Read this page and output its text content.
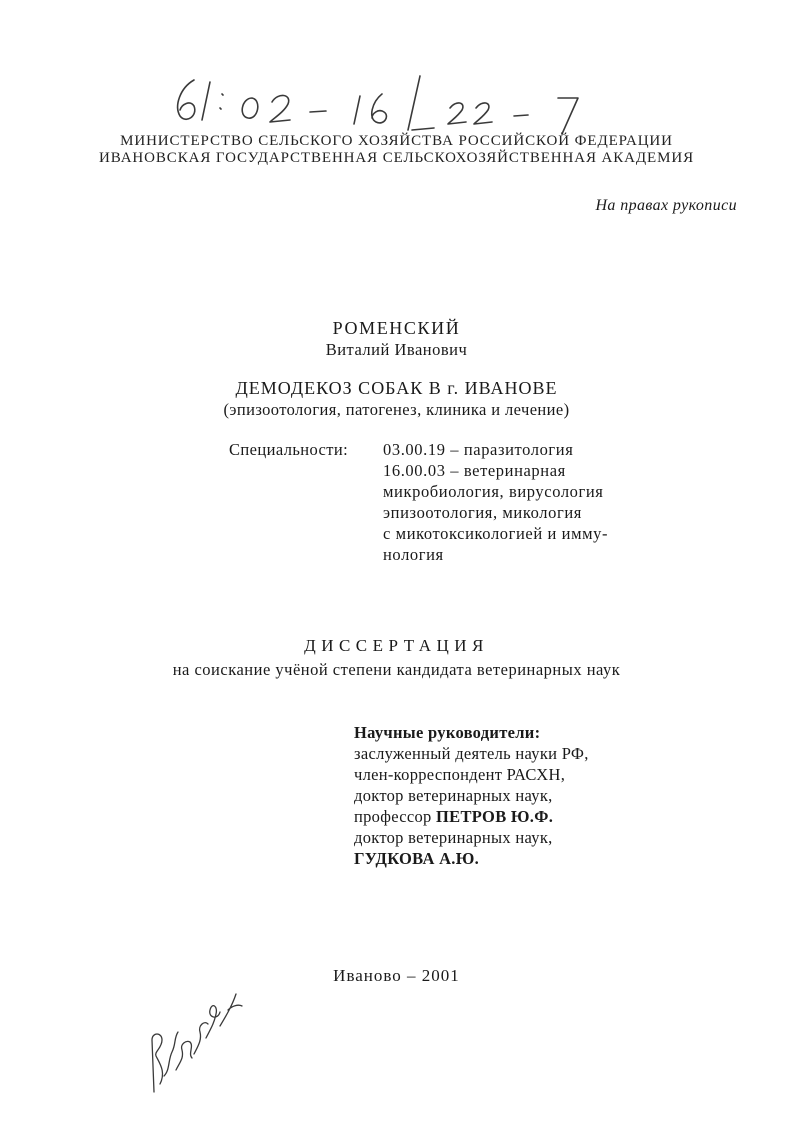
МИНИСТЕРСТВО СЕЛЬСКОГО ХОЗЯЙСТВА РОССИЙСКОЙ ФЕДЕРАЦИИ
ИВАНОВСКАЯ ГОСУДАРСТВЕННАЯ СЕЛЬСКОХОЗЯЙСТВЕННАЯ АКАДЕМИЯ
На правах рукописи
РОМЕНСКИЙ
Виталий Иванович
ДЕМОДЕКОЗ СОБАК В г. ИВАНОВЕ
(эпизоотология, патогенез, клиника и лечение)
Специальности: 03.00.19 – паразитология
16.00.03 – ветеринарная
микробиология, вирусология
эпизоотология, микология
с микотоксикологией и имму-
нология
ДИССЕРТАЦИЯ
на соискание учёной степени кандидата ветеринарных наук
Научные руководители:
заслуженный деятель науки РФ,
член-корреспондент РАСХН,
доктор ветеринарных наук,
профессор ПЕТРОВ Ю.Ф.
доктор ветеринарных наук,
ГУДКОВА А.Ю.
Иваново – 2001
